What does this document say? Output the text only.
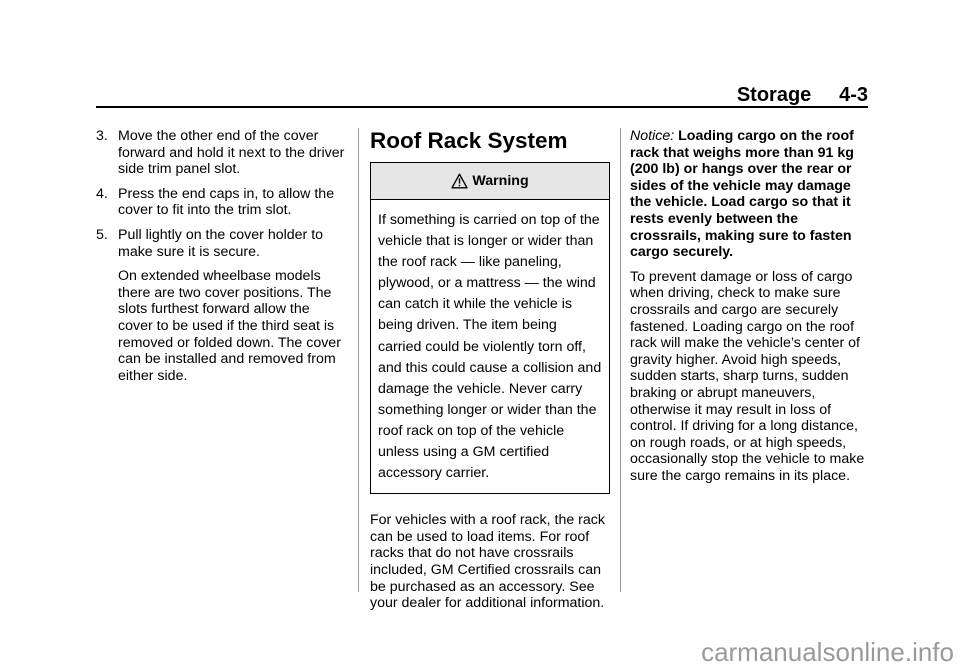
Storage 4-3
3. Move the other end of the cover forward and hold it next to the driver side trim panel slot.
4. Press the end caps in, to allow the cover to fit into the trim slot.
5. Pull lightly on the cover holder to make sure it is secure.

On extended wheelbase models there are two cover positions. The slots furthest forward allow the cover to be used if the third seat is removed or folded down. The cover can be installed and removed from either side.

Roof Rack System
Warning
If something is carried on top of the vehicle that is longer or wider than the roof rack — like paneling, plywood, or a mattress — the wind can catch it while the vehicle is being driven. The item being carried could be violently torn off, and this could cause a collision and damage the vehicle. Never carry something longer or wider than the roof rack on top of the vehicle unless using a GM certified accessory carrier.

For vehicles with a roof rack, the rack can be used to load items. For roof racks that do not have crossrails included, GM Certified crossrails can be purchased as an accessory. See your dealer for additional information.

Notice: Loading cargo on the roof rack that weighs more than 91 kg (200 lb) or hangs over the rear or sides of the vehicle may damage the vehicle. Load cargo so that it rests evenly between the crossrails, making sure to fasten cargo securely.

To prevent damage or loss of cargo when driving, check to make sure crossrails and cargo are securely fastened. Loading cargo on the roof rack will make the vehicle’s center of gravity higher. Avoid high speeds, sudden starts, sharp turns, sudden braking or abrupt maneuvers, otherwise it may result in loss of control. If driving for a long distance, on rough roads, or at high speeds, occasionally stop the vehicle to make sure the cargo remains in its place.

carmanualsonline.info
